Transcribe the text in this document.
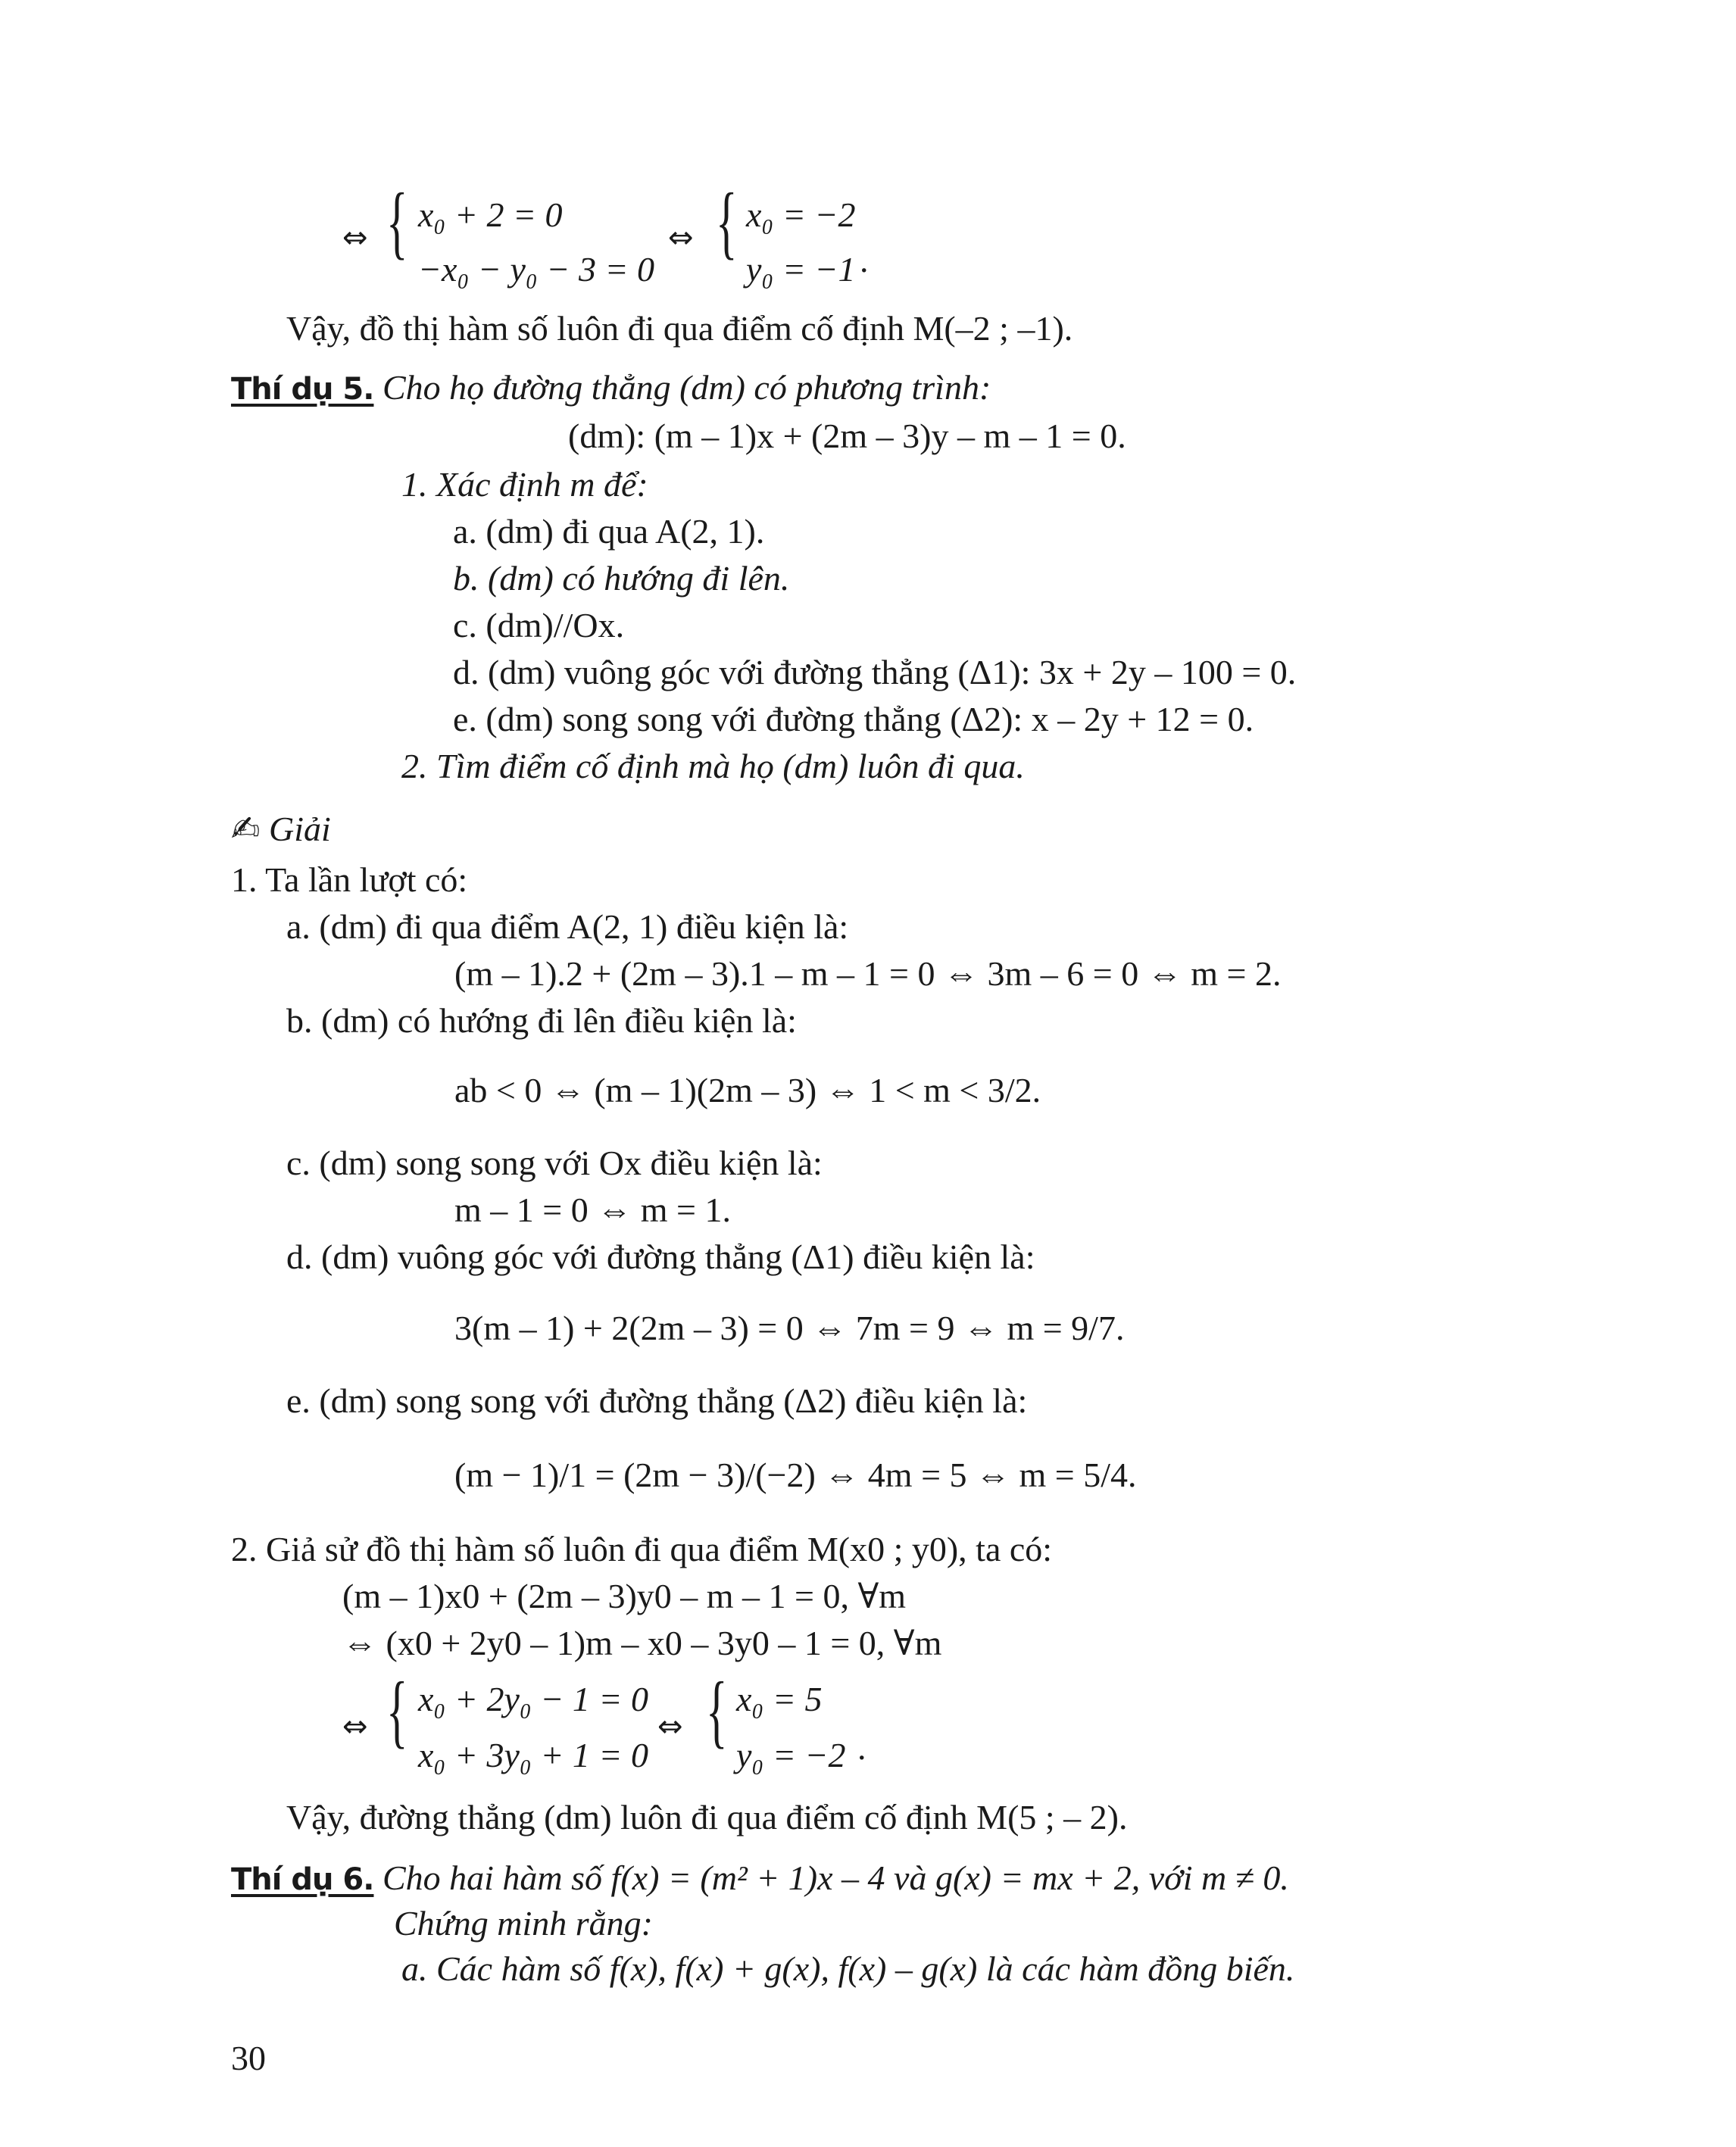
⇔ { x₀ + 2 = 0
−x₀ − y₀ − 3 = 0
⇔ { x₀ = −2
y₀ = −1 .
Vậy, đồ thị hàm số luôn đi qua điểm cố định M(–2 ; –1).
Thí dụ 5. Cho họ đường thẳng (dm) có phương trình:
(dm): (m – 1)x + (2m – 3)y – m – 1 = 0.
1. Xác định m để:
a. (dm) đi qua A(2, 1).
b. (dm) có hướng đi lên.
c. (dm)//Ox.
d. (dm) vuông góc với đường thẳng (Δ1): 3x + 2y – 100 = 0.
e. (dm) song song với đường thẳng (Δ2): x – 2y + 12 = 0.
2. Tìm điểm cố định mà họ (dm) luôn đi qua.
✍ Giải
1. Ta lần lượt có:
a. (dm) đi qua điểm A(2, 1) điều kiện là:
(m – 1).2 + (2m – 3).1 – m – 1 = 0 ⇔ 3m – 6 = 0 ⇔ m = 2.
b. (dm) có hướng đi lên điều kiện là:
ab < 0 ⇔ (m – 1)(2m – 3) ⇔ 1 < m < 3/2.
c. (dm) song song với Ox điều kiện là:
m – 1 = 0 ⇔ m = 1.
d. (dm) vuông góc với đường thẳng (Δ1) điều kiện là:
3(m – 1) + 2(2m – 3) = 0 ⇔ 7m = 9 ⇔ m = 9/7.
e. (dm) song song với đường thẳng (Δ2) điều kiện là:
(m − 1)/1 = (2m − 3)/(−2) ⇔ 4m = 5 ⇔ m = 5/4.
2. Giả sử đồ thị hàm số luôn đi qua điểm M(x0 ; y0), ta có:
(m – 1)x0 + (2m – 3)y0 – m – 1 = 0, ∀m
⇔ (x0 + 2y0 – 1)m – x0 – 3y0 – 1 = 0, ∀m
⇔ { x₀ + 2y₀ − 1 = 0
x₀ + 3y₀ + 1 = 0
⇔ { x₀ = 5
y₀ = −2 .
Vậy, đường thẳng (dm) luôn đi qua điểm cố định M(5 ; – 2).
Thí dụ 6. Cho hai hàm số f(x) = (m² + 1)x – 4 và g(x) = mx + 2, với m ≠ 0.
Chứng minh rằng:
a. Các hàm số f(x), f(x) + g(x), f(x) – g(x) là các hàm đồng biến.
30
